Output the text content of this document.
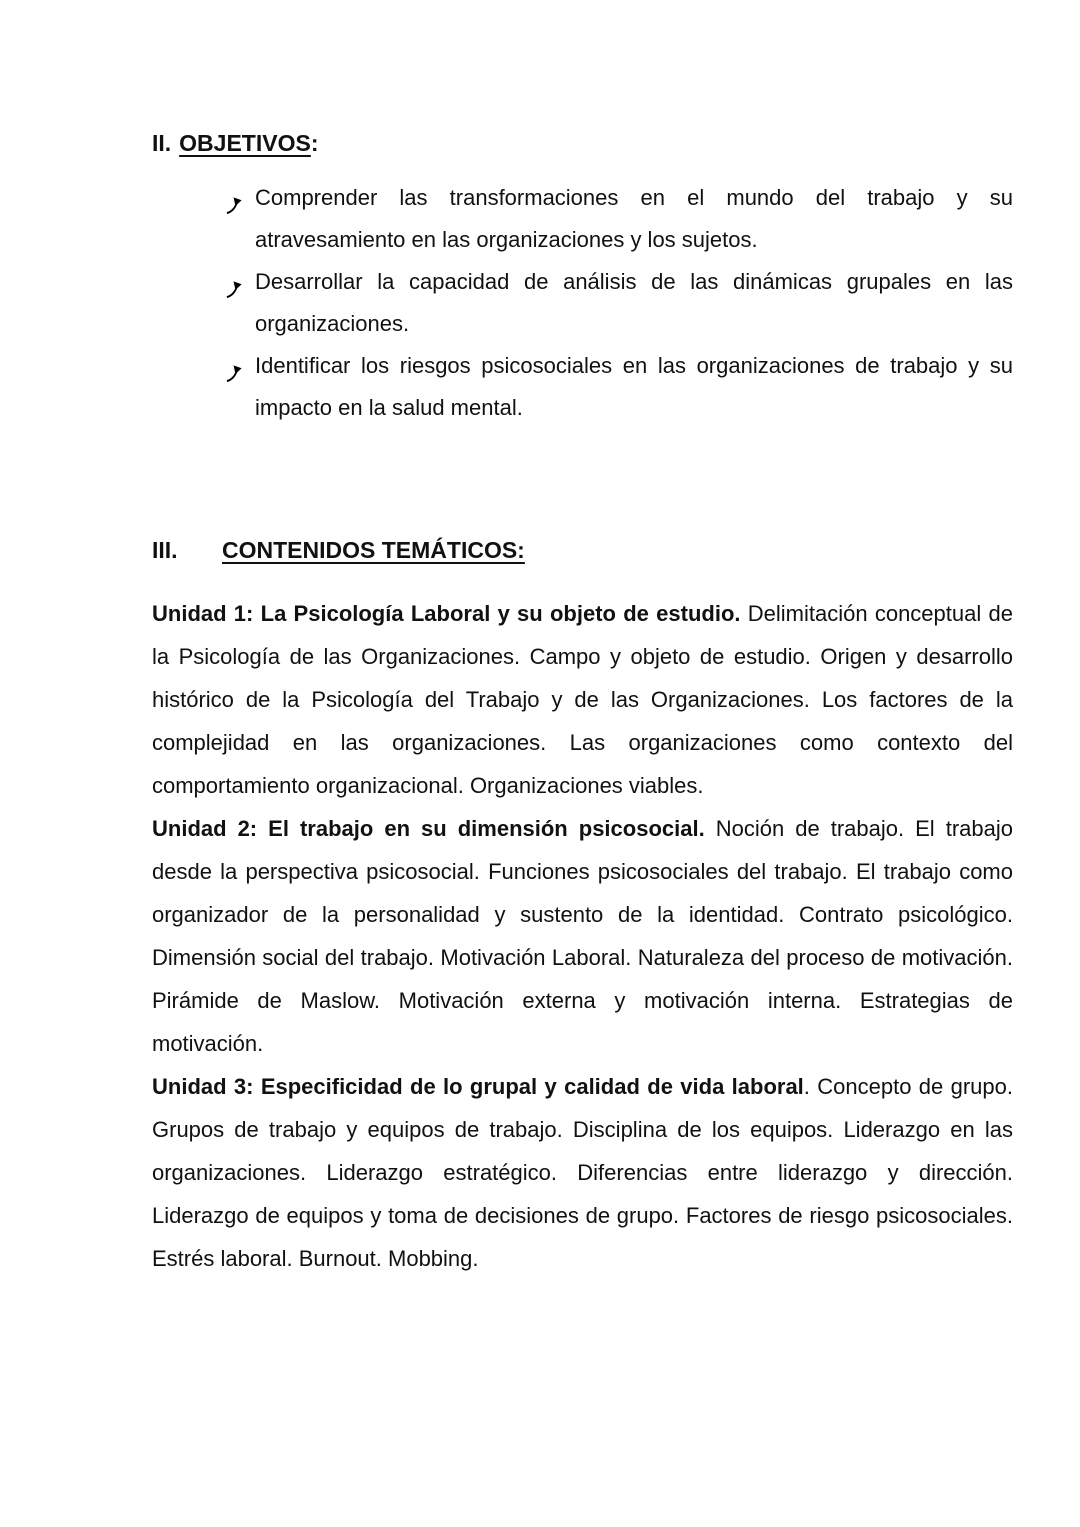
II. OBJETIVOS:
Comprender las transformaciones en el mundo del trabajo y su atravesamiento en las organizaciones y los sujetos.
Desarrollar la capacidad de análisis de las dinámicas grupales en las organizaciones.
Identificar los riesgos psicosociales en las organizaciones de trabajo y su impacto en la salud mental.
III. CONTENIDOS TEMÁTICOS:

Unidad 1: La Psicología Laboral y su objeto de estudio. Delimitación conceptual de la Psicología de las Organizaciones. Campo y objeto de estudio. Origen y desarrollo histórico de la Psicología del Trabajo y de las Organizaciones. Los factores de la complejidad en las organizaciones. Las organizaciones como contexto del comportamiento organizacional. Organizaciones viables.

Unidad 2: El trabajo en su dimensión psicosocial. Noción de trabajo. El trabajo desde la perspectiva psicosocial. Funciones psicosociales del trabajo. El trabajo como organizador de la personalidad y sustento de la identidad. Contrato psicológico. Dimensión social del trabajo. Motivación Laboral. Naturaleza del proceso de motivación. Pirámide de Maslow. Motivación externa y motivación interna. Estrategias de motivación.

Unidad 3: Especificidad de lo grupal y calidad de vida laboral. Concepto de grupo. Grupos de trabajo y equipos de trabajo. Disciplina de los equipos. Liderazgo en las organizaciones. Liderazgo estratégico. Diferencias entre liderazgo y dirección. Liderazgo de equipos y toma de decisiones de grupo. Factores de riesgo psicosociales. Estrés laboral. Burnout. Mobbing.
